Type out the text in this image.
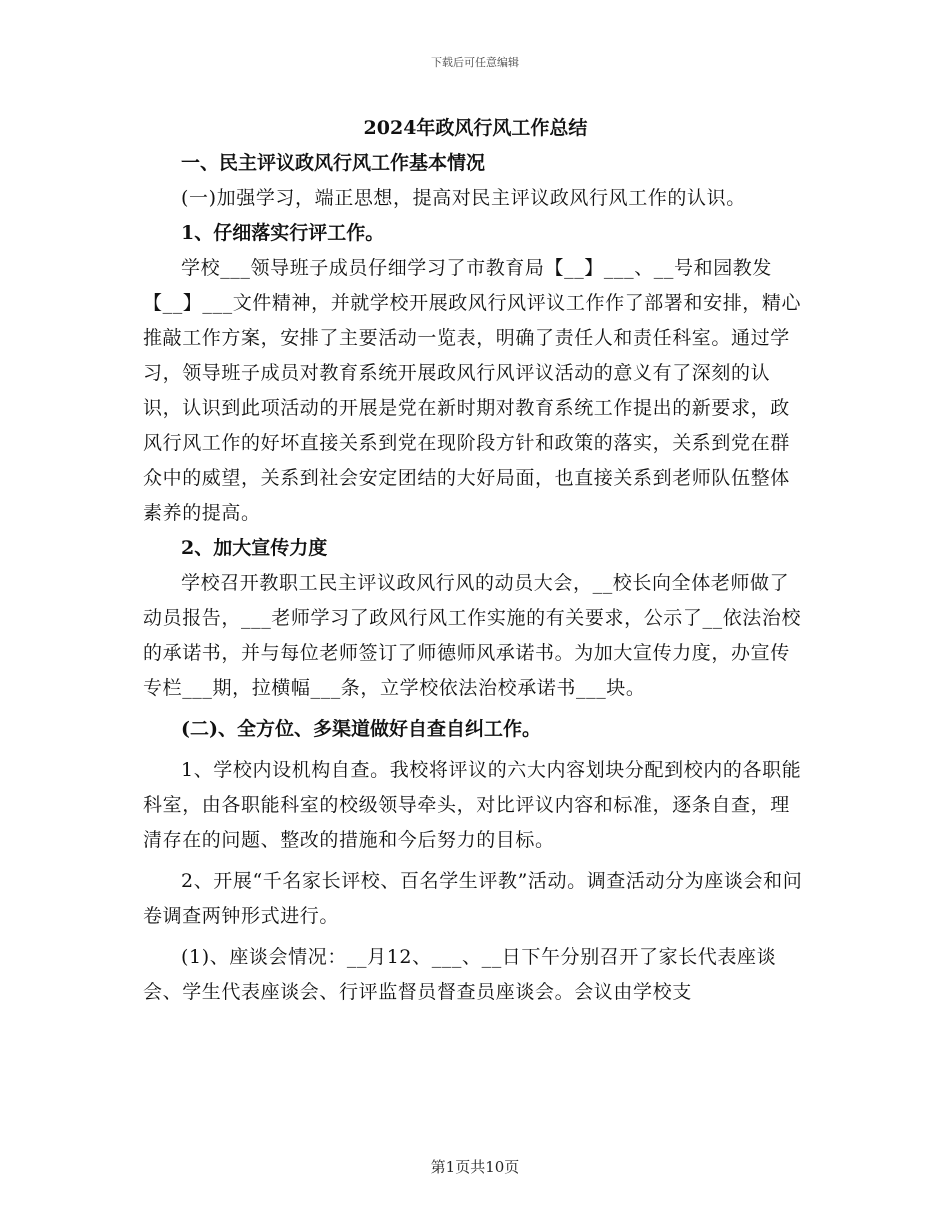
下载后可任意编辑
2024年政风行风工作总结

一、民主评议政风行风工作基本情况

(一)加强学习，端正思想，提高对民主评议政风行风工作的认识。

1、仔细落实行评工作。

学校___领导班子成员仔细学习了市教育局【__】___、__号和园教发【__】___文件精神，并就学校开展政风行风评议工作作了部署和安排，精心推敲工作方案，安排了主要活动一览表，明确了责任人和责任科室。通过学习，领导班子成员对教育系统开展政风行风评议活动的意义有了深刻的认识，认识到此项活动的开展是党在新时期对教育系统工作提出的新要求，政风行风工作的好坏直接关系到党在现阶段方针和政策的落实，关系到党在群众中的威望，关系到社会安定团结的大好局面，也直接关系到老师队伍整体素养的提高。

2、加大宣传力度

学校召开教职工民主评议政风行风的动员大会，__校长向全体老师做了动员报告，___老师学习了政风行风工作实施的有关要求，公示了__依法治校的承诺书，并与每位老师签订了师德师风承诺书。为加大宣传力度，办宣传专栏___期，拉横幅___条，立学校依法治校承诺书___块。

(二)、全方位、多渠道做好自查自纠工作。

1、学校内设机构自查。我校将评议的六大内容划块分配到校内的各职能科室，由各职能科室的校级领导牵头，对比评议内容和标准，逐条自查，理清存在的问题、整改的措施和今后努力的目标。

2、开展“千名家长评校、百名学生评教”活动。调查活动分为座谈会和问卷调查两钟形式进行。

(1)、座谈会情况：__月12、___、__日下午分别召开了家长代表座谈会、学生代表座谈会、行评监督员督查员座谈会。会议由学校支

第1页共10页
